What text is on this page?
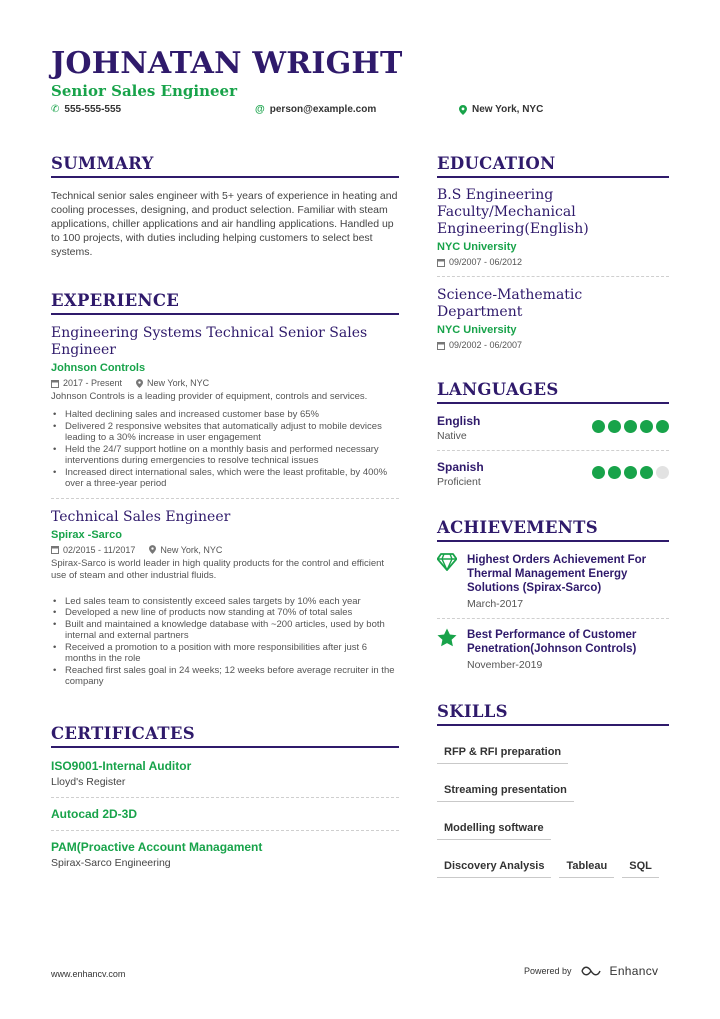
JOHNATAN WRIGHT
Senior Sales Engineer
✆ 555-555-555	@ person@example.com	New York, NYC
SUMMARY

Technical senior sales engineer with 5+ years of experience in heating and cooling processes, designing, and product selection. Familiar with steam applications, chiller applications and air handling applications. Handled up to 100 projects, with duties including helping customers to select best systems.

EXPERIENCE
Engineering Systems Technical Senior Sales Engineer
Johnson Controls
2017 - Present	New York, NYC
Johnson Controls is a leading provider of equipment, controls and services.
• Halted declining sales and increased customer base by 65%
• Delivered 2 responsive websites that automatically adjust to mobile devices leading to a 30% increase in user engagement
• Held the 24/7 support hotline on a monthly basis and performed necessary interventions during emergencies to resolve technical issues
• Increased direct international sales, which were the least profitable, by 400% over a three-year period
Technical Sales Engineer
Spirax -Sarco
02/2015 - 11/2017	New York, NYC
Spirax-Sarco is world leader in high quality products for the control and efficient use of steam and other industrial fluids.
• Led sales team to consistently exceed sales targets by 10% each year
• Developed a new line of products now standing at 70% of total sales
• Built and maintained a knowledge database with ~200 articles, used by both internal and external partners
• Received a promotion to a position with more responsibilities after just 6 months in the role
• Reached first sales goal in 24 weeks; 12 weeks before average recruiter in the company
CERTIFICATES
ISO9001-Internal Auditor
Lloyd's Register
Autocad 2D-3D
PAM(Proactive Account Managament
Spirax-Sarco Engineering
EDUCATION
B.S Engineering Faculty/Mechanical Engineering(English)
NYC University
09/2007 - 06/2012
Science-Mathematic Department
NYC University
09/2002 - 06/2007
LANGUAGES
English
Native
Spanish
Proficient
ACHIEVEMENTS
Highest Orders Achievement For Thermal Management Energy Solutions (Spirax-Sarco)
March-2017
Best Performance of Customer Penetration(Johnson Controls)
November-2019
SKILLS
RFP & RFI preparation
Streaming presentation
Modelling software
Discovery Analysis Tableau SQL
www.enhancv.com	Powered by	Enhancv
